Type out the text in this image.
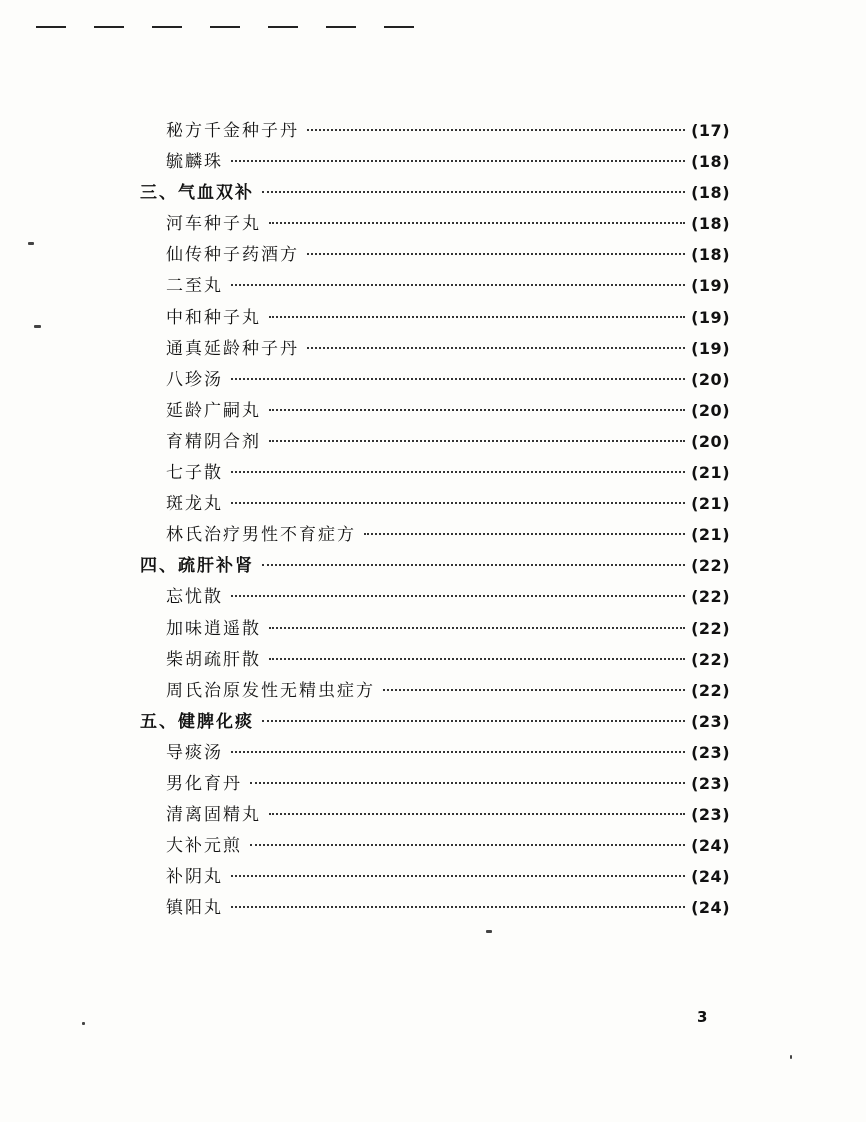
秘方千金种子丹	(17)
毓麟珠	(18)
三、气血双补	(18)
河车种子丸	(18)
仙传种子药酒方	(18)
二至丸	(19)
中和种子丸	(19)
通真延龄种子丹	(19)
八珍汤	(20)
延龄广嗣丸	(20)
育精阴合剂	(20)
七子散	(21)
斑龙丸	(21)
林氏治疗男性不育症方	(21)
四、疏肝补肾	(22)
忘忧散	(22)
加味逍遥散	(22)
柴胡疏肝散	(22)
周氏治原发性无精虫症方	(22)
五、健脾化痰	(23)
导痰汤	(23)
男化育丹	(23)
清离固精丸	(23)
大补元煎	(24)
补阴丸	(24)
镇阳丸	(24)
3
